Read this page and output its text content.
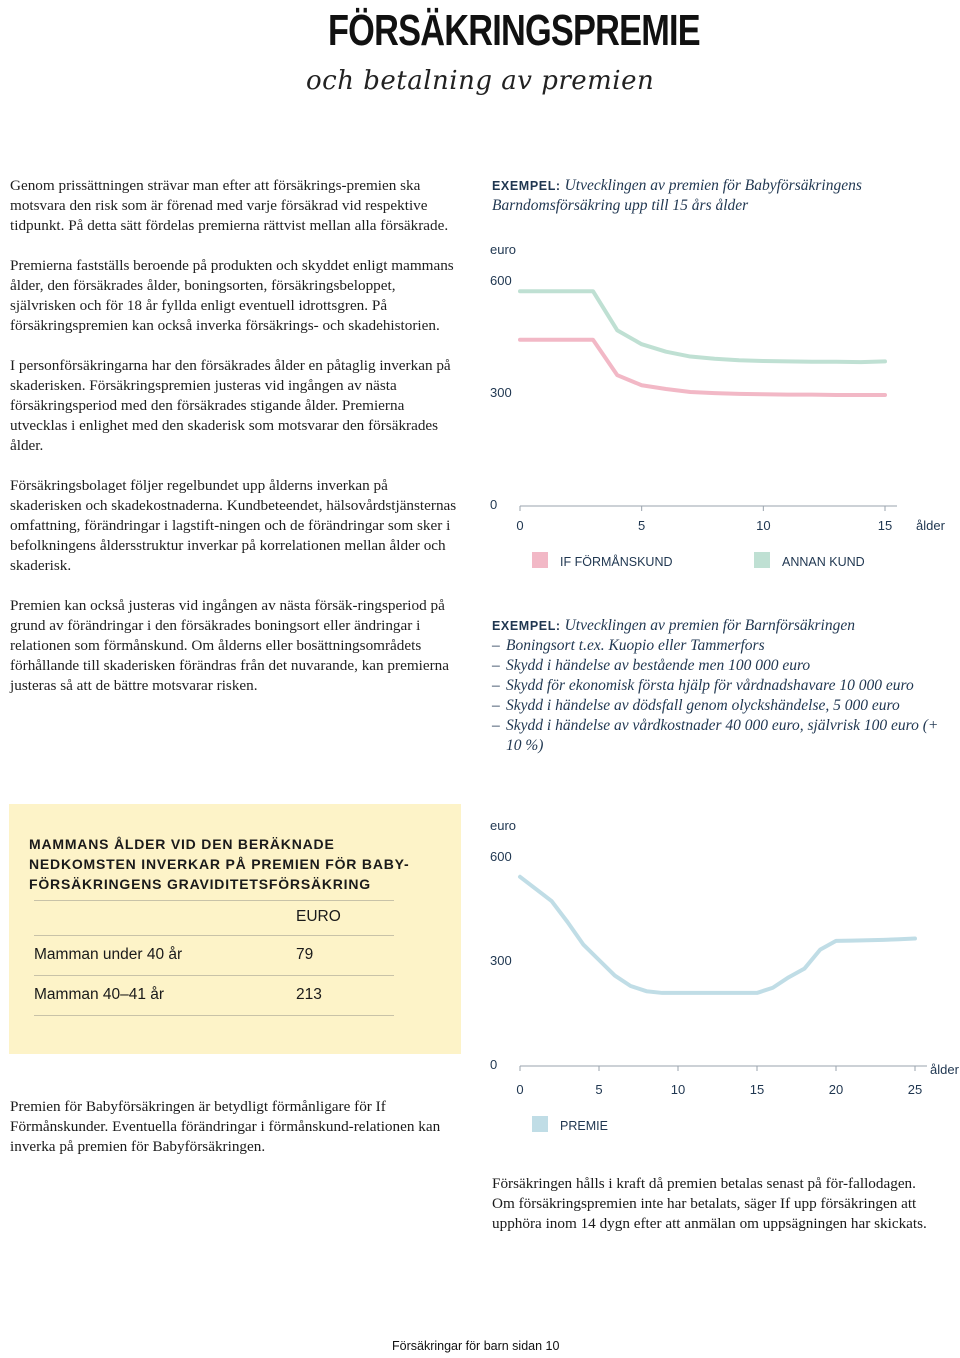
FÖRSÄKRINGSPREMIE
och betalning av premien

Genom prissättningen strävar man efter att försäkrings-premien ska motsvara den risk som är förenad med varje försäkrad vid respektive tidpunkt. På detta sätt fördelas premierna rättvist mellan alla försäkrade.

Premierna fastställs beroende på produkten och skyddet enligt mammans ålder, den försäkrades ålder, boningsorten, försäkringsbeloppet, självrisken och för 18 år fyllda enligt eventuell idrottsgren. På försäkringspremien kan också inverka försäkrings- och skadehistorien.

I personförsäkringarna har den försäkrades ålder en påtaglig inverkan på skaderisken. Försäkringspremien justeras vid ingången av nästa försäkringsperiod med den försäkrades stigande ålder. Premierna utvecklas i enlighet med den skaderisk som motsvarar den försäkrades ålder.

Försäkringsbolaget följer regelbundet upp ålderns inverkan på skaderisken och skadekostnaderna. Kundbeteendet, hälsovårdstjänsternas omfattning, förändringar i lagstift-ningen och de förändringar som sker i befolkningens åldersstruktur inverkar på korrelationen mellan ålder och skaderisk.

Premien kan också justeras vid ingången av nästa försäk-ringsperiod på grund av förändringar i den försäkrades boningsort eller ändringar i relationen som förmånskund. Om ålderns eller bosättningsområdets förhållande till skaderisken förändras från det nuvarande, kan premierna justeras så att de bättre motsvarar risken.

MAMMANS ÅLDER VID DEN BERÄKNADE NEDKOMSTEN INVERKAR PÅ PREMIEN FÖR BABY-FÖRSÄKRINGENS GRAVIDITETSFÖRSÄKRING
EURO
Mamman under 40 år	79
Mamman 40–41 år	213
Premien för Babyförsäkringen är betydligt förmånligare för If Förmånskunder. Eventuella förändringar i förmånskund-relationen kan inverka på premien för Babyförsäkringen.
EXEMPEL: Utvecklingen av premien för Babyförsäkringens Barndomsförsäkring upp till 15 års ålder
euro
0
300
600
0	5	10	15 ålder
IF FÖRMÅNSKUND	ANNAN KUND
EXEMPEL: Utvecklingen av premien för Barnförsäkringen
– Boningsort t.ex. Kuopio eller Tammerfors
– Skydd i händelse av bestående men 100 000 euro
– Skydd för ekonomisk första hjälp för vårdnadshavare 10 000 euro
– Skydd i händelse av dödsfall genom olyckshändelse, 5 000 euro
– Skydd i händelse av vårdkostnader 40 000 euro, självrisk 100 euro (+ 10 %)
euro
0
300
600
0	5	10	15	20	25
ålder
PREMIE
Försäkringen hålls i kraft då premien betalas senast på för-fallodagen. Om försäkringspremien inte har betalats, säger If upp försäkringen att upphöra inom 14 dygn efter att anmälan om uppsägningen har skickats.
Försäkringar för barn sidan 10
